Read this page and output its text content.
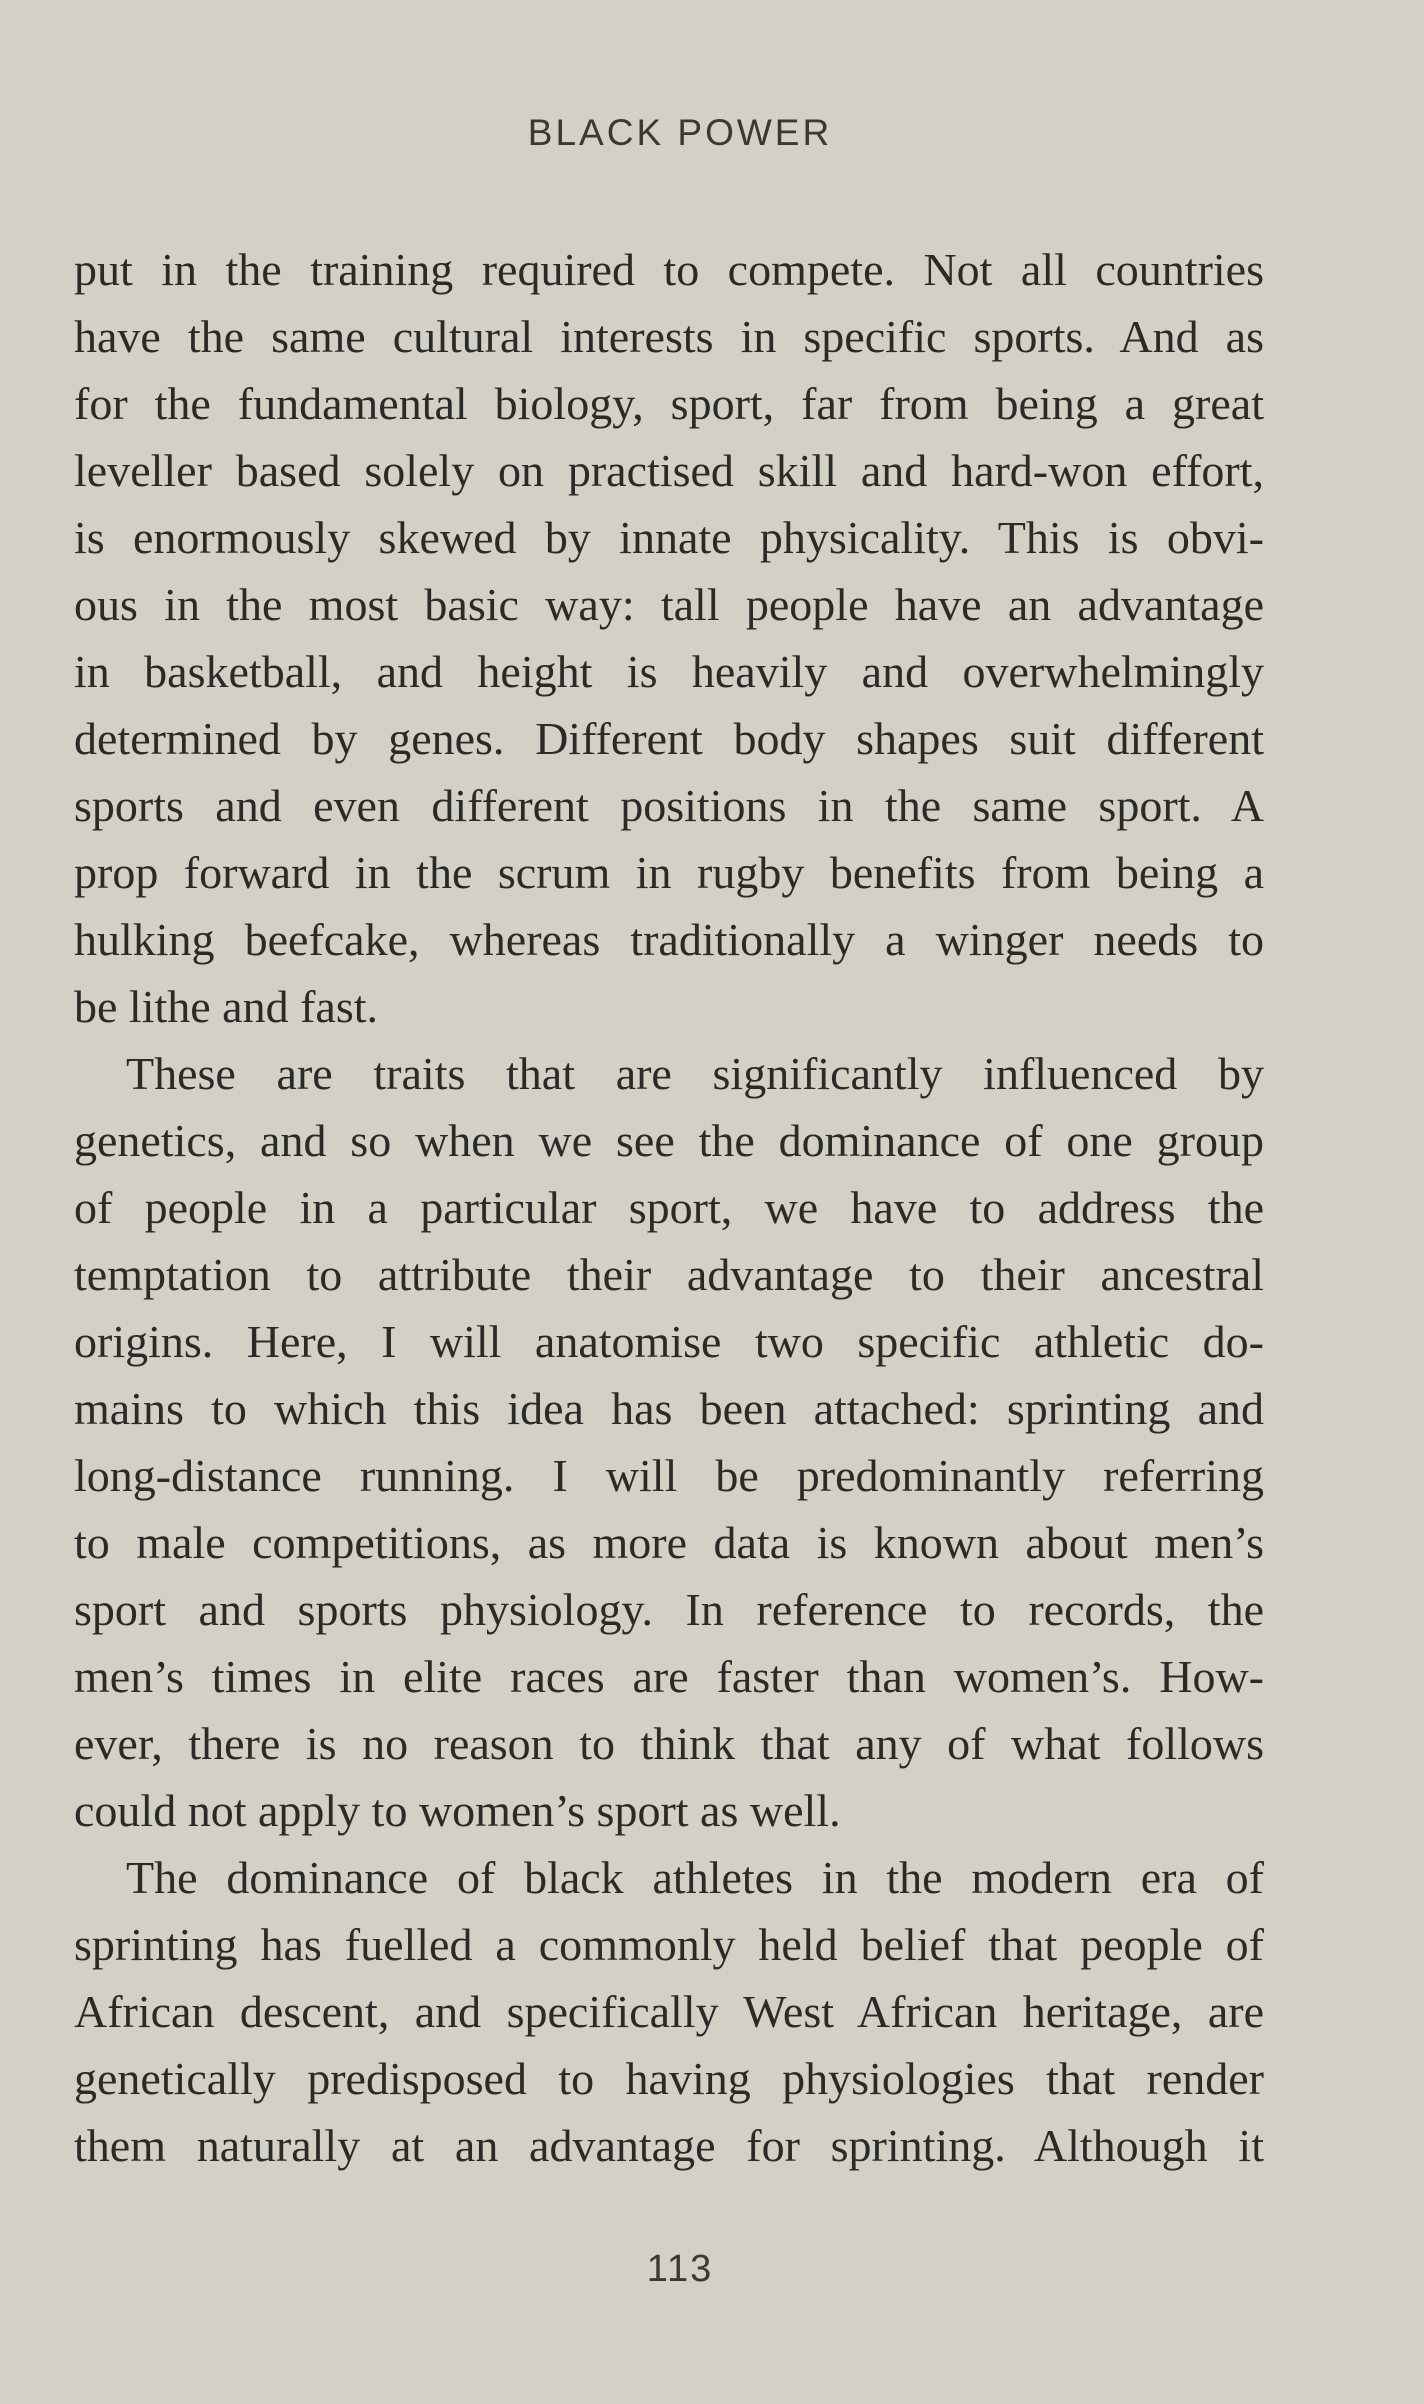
BLACK POWER
put in the training required to compete. Not all countries
have the same cultural interests in specific sports. And as
for the fundamental biology, sport, far from being a great
leveller based solely on practised skill and hard-won effort,
is enormously skewed by innate physicality. This is obvi-
ous in the most basic way: tall people have an advantage
in basketball, and height is heavily and overwhelmingly
determined by genes. Different body shapes suit different
sports and even different positions in the same sport. A
prop forward in the scrum in rugby benefits from being a
hulking beefcake, whereas traditionally a winger needs to
be lithe and fast.
These are traits that are significantly influenced by
genetics, and so when we see the dominance of one group
of people in a particular sport, we have to address the
temptation to attribute their advantage to their ancestral
origins. Here, I will anatomise two specific athletic do-
mains to which this idea has been attached: sprinting and
long-distance running. I will be predominantly referring
to male competitions, as more data is known about men’s
sport and sports physiology. In reference to records, the
men’s times in elite races are faster than women’s. How-
ever, there is no reason to think that any of what follows
could not apply to women’s sport as well.
The dominance of black athletes in the modern era of
sprinting has fuelled a commonly held belief that people of
African descent, and specifically West African heritage, are
genetically predisposed to having physiologies that render
them naturally at an advantage for sprinting. Although it
113
